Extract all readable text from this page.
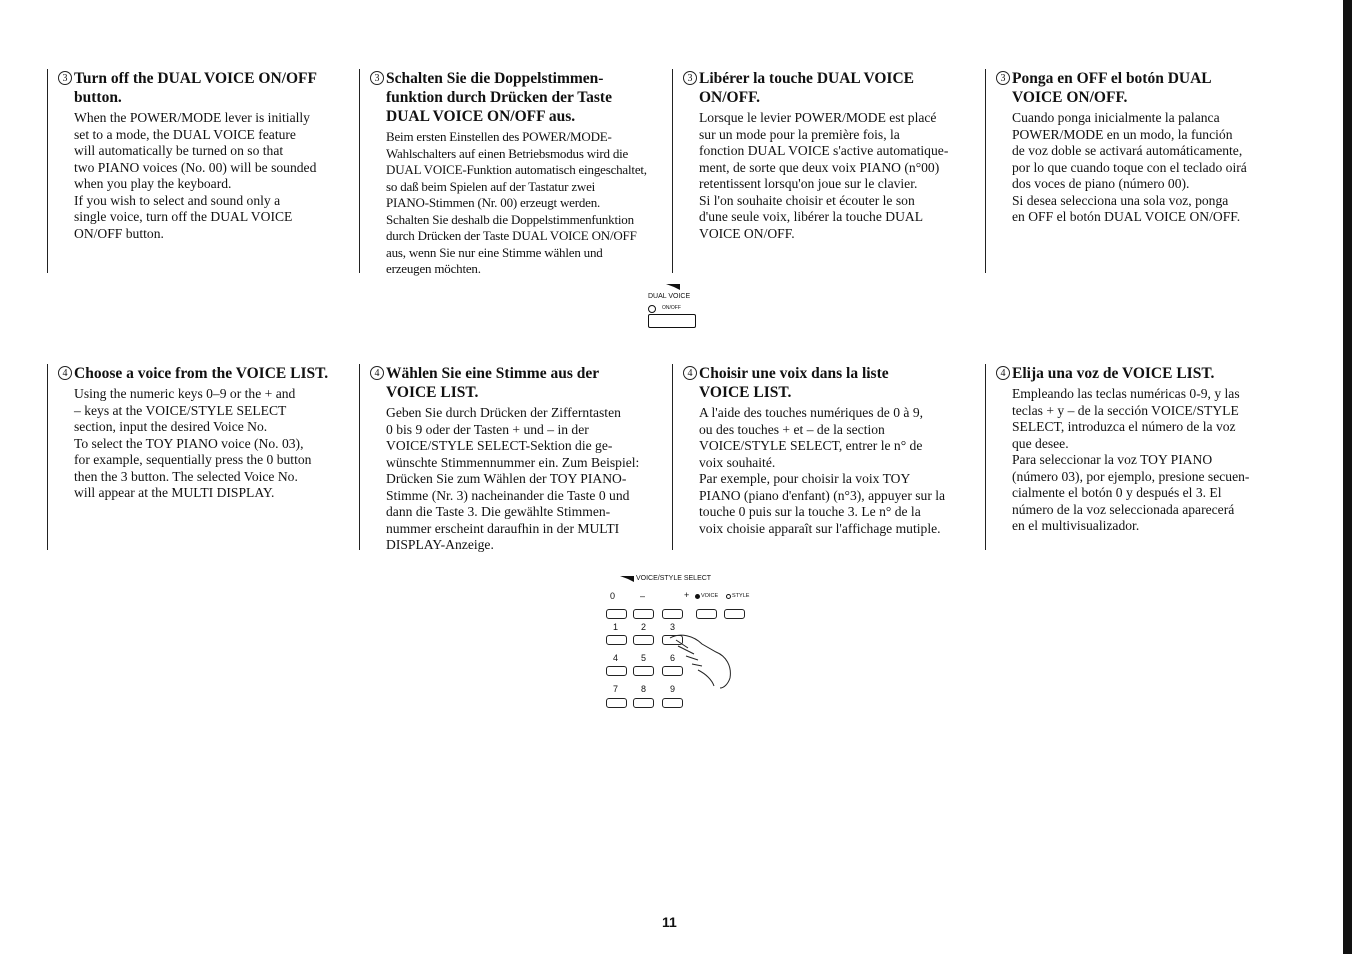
3 Turn off the DUAL VOICE ON/OFF button.
When the POWER/MODE lever is initially
set to a mode, the DUAL VOICE feature
will automatically be turned on so that
two PIANO voices (No. 00) will be sounded
when you play the keyboard.
If you wish to select and sound only a
single voice, turn off the DUAL VOICE
ON/OFF button.
3 Schalten Sie die Doppelstimmen-
funktion durch Drücken der Taste
DUAL VOICE ON/OFF aus.
Beim ersten Einstellen des POWER/MODE-
Wahlschalters auf einen Betriebsmodus wird die
DUAL VOICE-Funktion automatisch eingeschaltet,
so daß beim Spielen auf der Tastatur zwei
PIANO-Stimmen (Nr. 00) erzeugt werden.
Schalten Sie deshalb die Doppelstimmenfunktion
durch Drücken der Taste DUAL VOICE ON/OFF
aus, wenn Sie nur eine Stimme wählen und
erzeugen möchten.
3 Libérer la touche DUAL VOICE
ON/OFF.
Lorsque le levier POWER/MODE est placé
sur un mode pour la première fois, la
fonction DUAL VOICE s'active automatique-
ment, de sorte que deux voix PIANO (n°00)
retentissent lorsqu'on joue sur le clavier.
Si l'on souhaite choisir et écouter le son
d'une seule voix, libérer la touche DUAL
VOICE ON/OFF.
3 Ponga en OFF el botón DUAL
VOICE ON/OFF.
Cuando ponga inicialmente la palanca
POWER/MODE en un modo, la función
de voz doble se activará automáticamente,
por lo que cuando toque con el teclado oirá
dos voces de piano (número 00).
Si desea selecciona una sola voz, ponga
en OFF el botón DUAL VOICE ON/OFF.
DUAL VOICE
ON/OFF
4 Choose a voice from the VOICE LIST.
Using the numeric keys 0–9 or the + and
– keys at the VOICE/STYLE SELECT
section, input the desired Voice No.
To select the TOY PIANO voice (No. 03),
for example, sequentially press the 0 button
then the 3 button. The selected Voice No.
will appear at the MULTI DISPLAY.
4 Wählen Sie eine Stimme aus der
VOICE LIST.
Geben Sie durch Drücken der Zifferntasten
0 bis 9 oder der Tasten + und – in der
VOICE/STYLE SELECT-Sektion die ge-
wünschte Stimmennummer ein. Zum Beispiel:
Drücken Sie zum Wählen der TOY PIANO-
Stimme (Nr. 3) nacheinander die Taste 0 und
dann die Taste 3. Die gewählte Stimmen-
nummer erscheint daraufhin in der MULTI
DISPLAY-Anzeige.
4 Choisir une voix dans la liste
VOICE LIST.
A l'aide des touches numériques de 0 à 9,
ou des touches + et – de la section
VOICE/STYLE SELECT, entrer le n° de
voix souhaité.
Par exemple, pour choisir la voix TOY
PIANO (piano d'enfant) (n°3), appuyer sur la
touche 0 puis sur la touche 3. Le n° de la
voix choisie apparaît sur l'affichage mutiple.
4 Elija una voz de VOICE LIST.
Empleando las teclas numéricas 0-9, y las
teclas + y – de la sección VOICE/STYLE
SELECT, introduzca el número de la voz
que desee.
Para seleccionar la voz TOY PIANO
(número 03), por ejemplo, presione secuen-
cialmente el botón 0 y después el 3. El
número de la voz seleccionada aparecerá
en el multivisualizador.
VOICE/STYLE SELECT
0	–	+ VOICE	STYLE
1	2	3
4	5	6
7	8	9
11
